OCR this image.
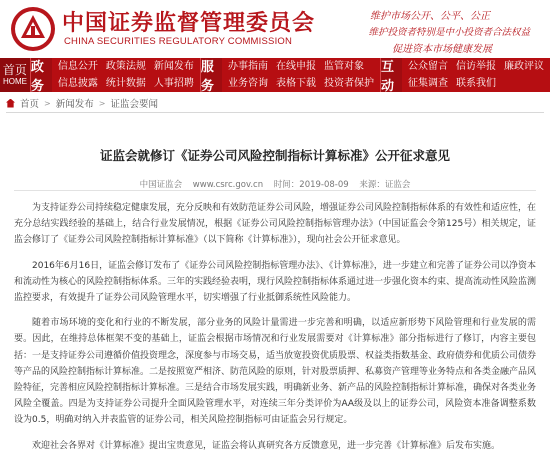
中国证券监督管理委员会
CHINA SECURITIES REGULATORY COMMISSION
维护市场公开、公平、公正
维护投资者特别是中小投资者合法权益
促进资本市场健康发展
首页
HOME
政务
信息公开
信息披露
政策法规
统计数据
新闻发布
人事招聘
服务
办事指南
业务咨询
在线申报
表格下载
监管对象
投资者保护
互动
公众留言
征集调查
信访举报
联系我们
廉政评议
首页 > 新闻发布 > 证监会要闻
证监会就修订《证券公司风险控制指标计算标准》公开征求意见
中国证监会 www.csrc.gov.cn 时间：2019-08-09 来源：证监会

为支持证券公司持续稳定健康发展，充分反映和有效防范证券公司风险，增强证券公司风险控制指标体系的有效性和适应性，在充分总结实践经验的基础上，结合行业发展情况，根据《证券公司风险控制指标管理办法》（中国证监会令第125号）相关规定，证监会修订了《证券公司风险控制指标计算标准》（以下简称《计算标准》），现向社会公开征求意见。

2016年6月16日，证监会修订发布了《证券公司风险控制指标管理办法》、《计算标准》，进一步建立和完善了证券公司以净资本和流动性为核心的风险控制指标体系。三年的实践经验表明，现行风险控制指标体系通过进一步强化资本约束、提高流动性风险监测监控要求，有效提升了证券公司风险管理水平，切实增强了行业抵御系统性风险能力。

随着市场环境的变化和行业的不断发展，部分业务的风险计量需进一步完善和明确，以适应新形势下风险管理和行业发展的需要。因此，在维持总体框架不变的基础上，证监会根据市场情况和行业发展需要对《计算标准》部分指标进行了修订，内容主要包括：一是支持证券公司遵循价值投资理念，深度参与市场交易，适当放宽投资优质股票、权益类指数基金、政府债券和优质公司债券等产品的风险控制指标计算标准。二是按照宽严相济、防范风险的原则，针对股票质押、私募资产管理等业务特点和各类金融产品风险特征，完善相应风险控制指标计算标准。三是结合市场发展实践，明确新业务、新产品的风险控制指标计算标准，确保对各类业务风险全覆盖。四是为支持证券公司提升全面风险管理水平，对连续三年分类评价为AA级及以上的证券公司，风险资本准备调整系数设为0.5，明确对纳入并表监管的证券公司，相关风险控制指标可由证监会另行规定。

欢迎社会各界对《计算标准》提出宝贵意见，证监会将认真研究各方反馈意见，进一步完善《计算标准》后发布实施。
